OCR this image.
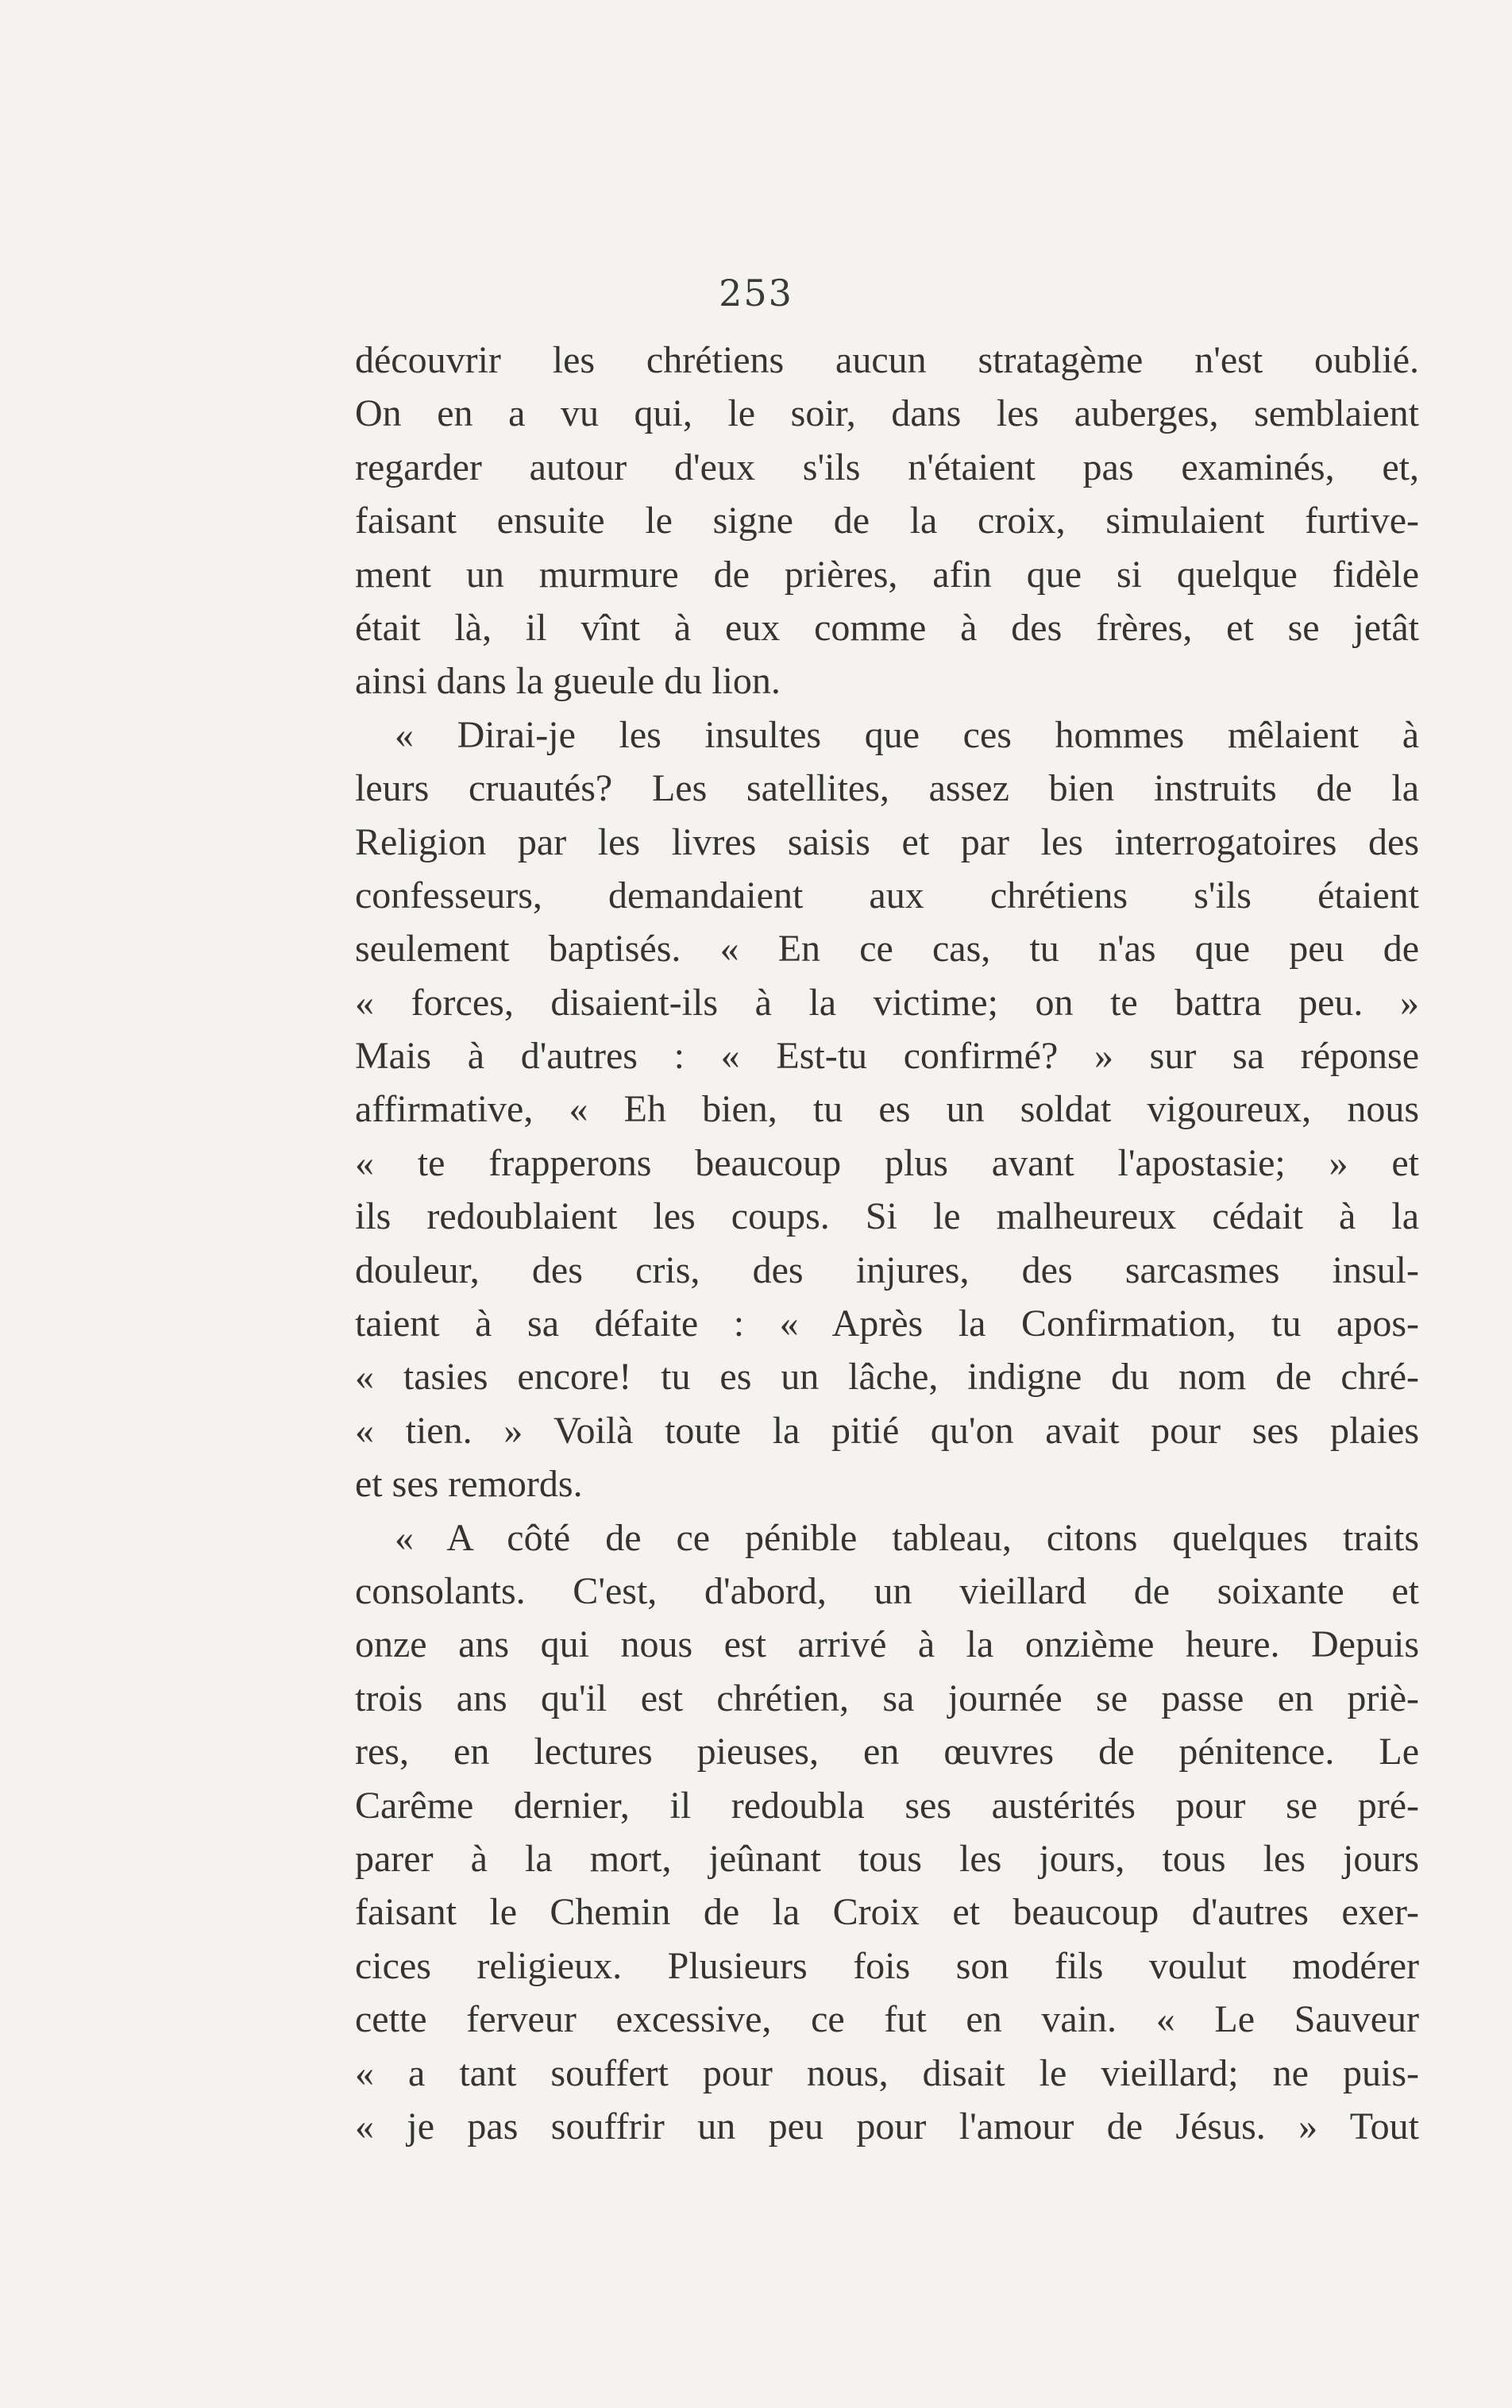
253
découvrir les chrétiens aucun stratagème n'est oublié.
On en a vu qui, le soir, dans les auberges, semblaient
regarder autour d'eux s'ils n'étaient pas examinés, et,
faisant ensuite le signe de la croix, simulaient furtive-
ment un murmure de prières, afin que si quelque fidèle
était là, il vînt à eux comme à des frères, et se jetât
ainsi dans la gueule du lion.
« Dirai-je les insultes que ces hommes mêlaient à
leurs cruautés? Les satellites, assez bien instruits de la
Religion par les livres saisis et par les interrogatoires des
confesseurs, demandaient aux chrétiens s'ils étaient
seulement baptisés. « En ce cas, tu n'as que peu de
« forces, disaient-ils à la victime; on te battra peu. »
Mais à d'autres : « Est-tu confirmé? » sur sa réponse
affirmative, « Eh bien, tu es un soldat vigoureux, nous
« te frapperons beaucoup plus avant l'apostasie; » et
ils redoublaient les coups. Si le malheureux cédait à la
douleur, des cris, des injures, des sarcasmes insul-
taient à sa défaite : « Après la Confirmation, tu apos-
« tasies encore! tu es un lâche, indigne du nom de chré-
« tien. » Voilà toute la pitié qu'on avait pour ses plaies
et ses remords.
« A côté de ce pénible tableau, citons quelques traits
consolants. C'est, d'abord, un vieillard de soixante et
onze ans qui nous est arrivé à la onzième heure. Depuis
trois ans qu'il est chrétien, sa journée se passe en priè-
res, en lectures pieuses, en œuvres de pénitence. Le
Carême dernier, il redoubla ses austérités pour se pré-
parer à la mort, jeûnant tous les jours, tous les jours
faisant le Chemin de la Croix et beaucoup d'autres exer-
cices religieux. Plusieurs fois son fils voulut modérer
cette ferveur excessive, ce fut en vain. « Le Sauveur
« a tant souffert pour nous, disait le vieillard; ne puis-
« je pas souffrir un peu pour l'amour de Jésus. » Tout
